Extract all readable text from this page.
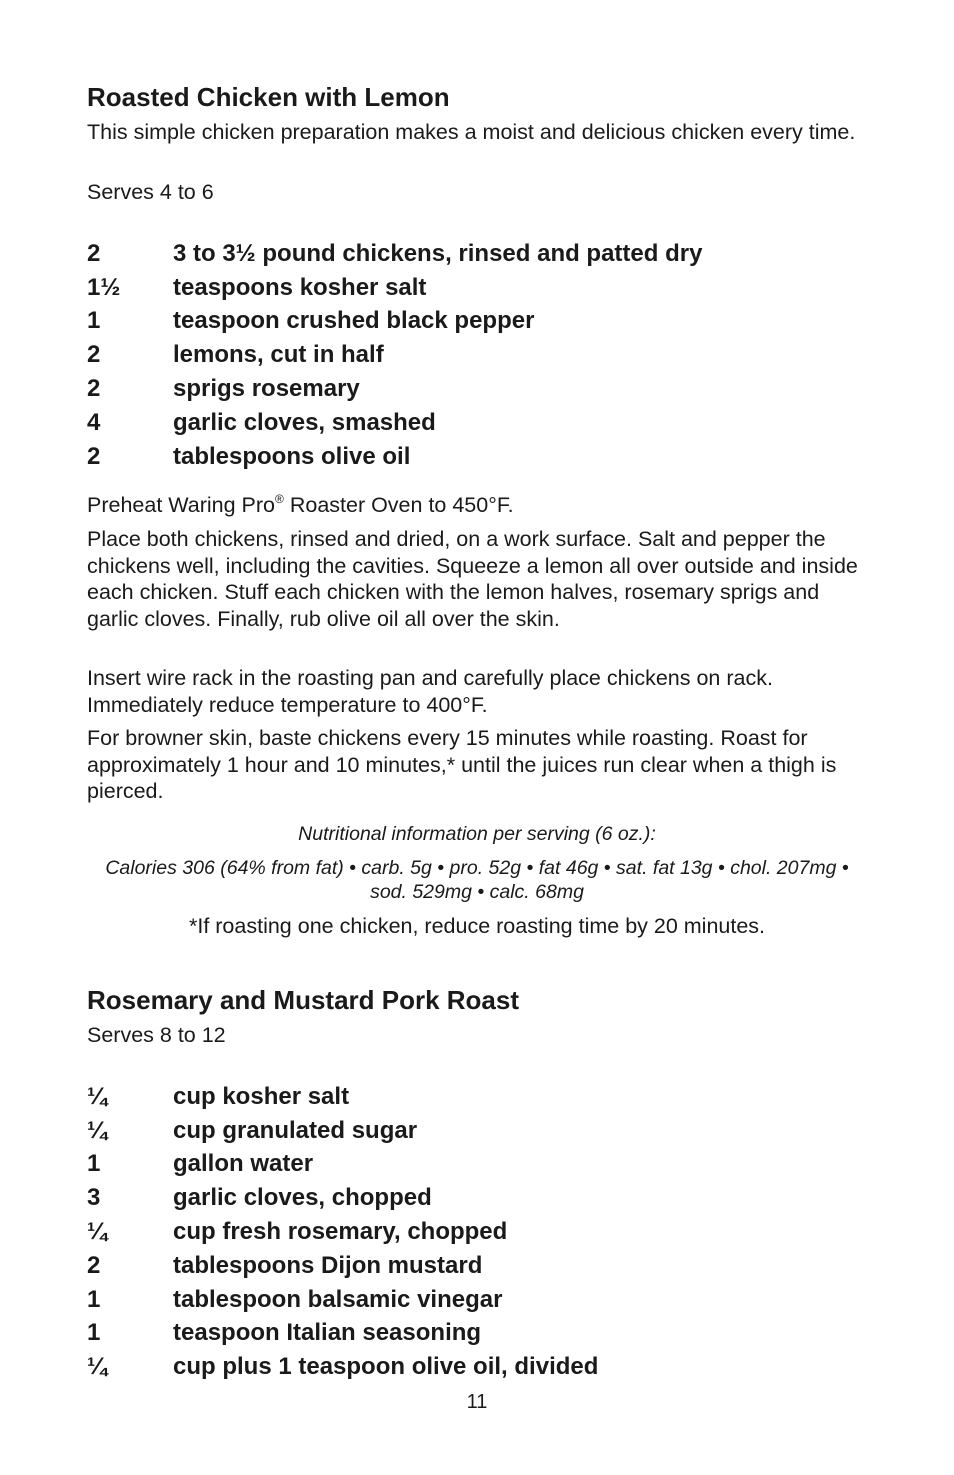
Roasted Chicken with Lemon

This simple chicken preparation makes a moist and delicious chicken every time.

Serves 4 to 6

2	3 to 3½ pound chickens, rinsed and patted dry
1½	teaspoons kosher salt
1	teaspoon crushed black pepper
2	lemons, cut in half
2	sprigs rosemary
4	garlic cloves, smashed
2	tablespoons olive oil

Preheat Waring Pro® Roaster Oven to 450°F.

Place both chickens, rinsed and dried, on a work surface. Salt and pepper the chickens well, including the cavities. Squeeze a lemon all over outside and inside each chicken. Stuff each chicken with the lemon halves, rosemary sprigs and garlic cloves. Finally, rub olive oil all over the skin.

Insert wire rack in the roasting pan and carefully place chickens on rack. Immediately reduce temperature to 400°F.

For browner skin, baste chickens every 15 minutes while roasting. Roast for approximately 1 hour and 10 minutes,* until the juices run clear when a thigh is pierced.

Nutritional information per serving (6 oz.):

Calories 306 (64% from fat) • carb. 5g • pro. 52g • fat 46g • sat. fat 13g • chol. 207mg • sod. 529mg • calc. 68mg

*If roasting one chicken, reduce roasting time by 20 minutes.

Rosemary and Mustard Pork Roast

Serves 8 to 12

¼	cup kosher salt
¼	cup granulated sugar
1	gallon water
3	garlic cloves, chopped
¼	cup fresh rosemary, chopped
2	tablespoons Dijon mustard
1	tablespoon balsamic vinegar
1	teaspoon Italian seasoning
¼	cup plus 1 teaspoon olive oil, divided
11
